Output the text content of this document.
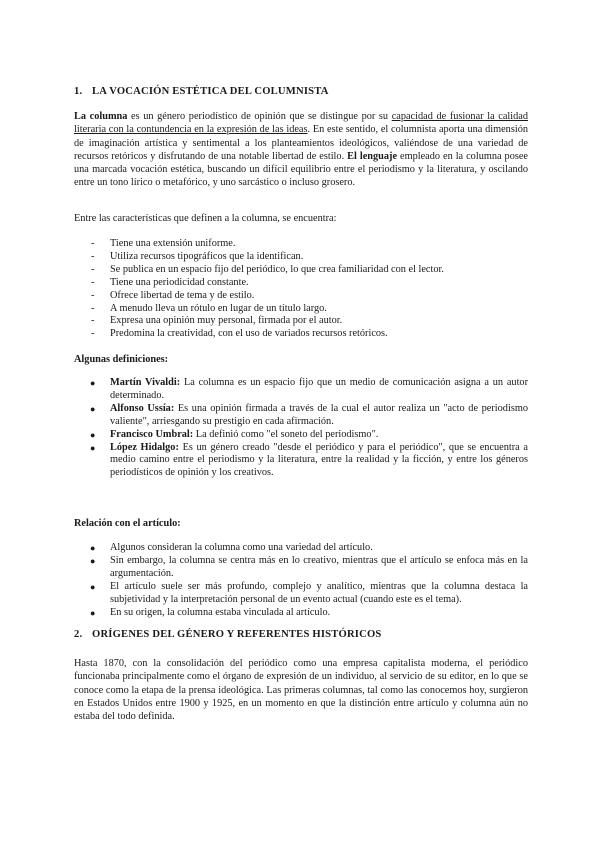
1. LA VOCACIÓN ESTÉTICA DEL COLUMNISTA
La columna es un género periodístico de opinión que se distingue por su capacidad de fusionar la calidad literaria con la contundencia en la expresión de las ideas. En este sentido, el columnista aporta una dimensión de imaginación artística y sentimental a los planteamientos ideológicos, valiéndose de una variedad de recursos retóricos y disfrutando de una notable libertad de estilo. El lenguaje empleado en la columna posee una marcada vocación estética, buscando un difícil equilibrio entre el periodismo y la literatura, y oscilando entre un tono lírico o metafórico, y uno sarcástico o incluso grosero.
Entre las características que definen a la columna, se encuentra:
- Tiene una extensión uniforme.
- Utiliza recursos tipográficos que la identifican.
- Se publica en un espacio fijo del periódico, lo que crea familiaridad con el lector.
- Tiene una periodicidad constante.
- Ofrece libertad de tema y de estilo.
- A menudo lleva un rótulo en lugar de un título largo.
- Expresa una opinión muy personal, firmada por el autor.
- Predomina la creatividad, con el uso de variados recursos retóricos.
Algunas definiciones:
● Martín Vivaldi: La columna es un espacio fijo que un medio de comunicación asigna a un autor determinado.
● Alfonso Ussía: Es una opinión firmada a través de la cual el autor realiza un "acto de periodismo valiente", arriesgando su prestigio en cada afirmación.
● Francisco Umbral: La definió como "el soneto del periodismo".
● López Hidalgo: Es un género creado "desde el periódico y para el periódico", que se encuentra a medio camino entre el periodismo y la literatura, entre la realidad y la ficción, y entre los géneros periodísticos de opinión y los creativos.
Relación con el artículo:
● Algunos consideran la columna como una variedad del artículo.
● Sin embargo, la columna se centra más en lo creativo, mientras que el artículo se enfoca más en la argumentación.
● El artículo suele ser más profundo, complejo y analítico, mientras que la columna destaca la subjetividad y la interpretación personal de un evento actual (cuando este es el tema).
● En su origen, la columna estaba vinculada al artículo.
2. ORÍGENES DEL GÉNERO Y REFERENTES HISTÓRICOS
Hasta 1870, con la consolidación del periódico como una empresa capitalista moderna, el periódico funcionaba principalmente como el órgano de expresión de un individuo, al servicio de su editor, en lo que se conoce como la etapa de la prensa ideológica. Las primeras columnas, tal como las conocemos hoy, surgieron en Estados Unidos entre 1900 y 1925, en un momento en que la distinción entre artículo y columna aún no estaba del todo definida.
